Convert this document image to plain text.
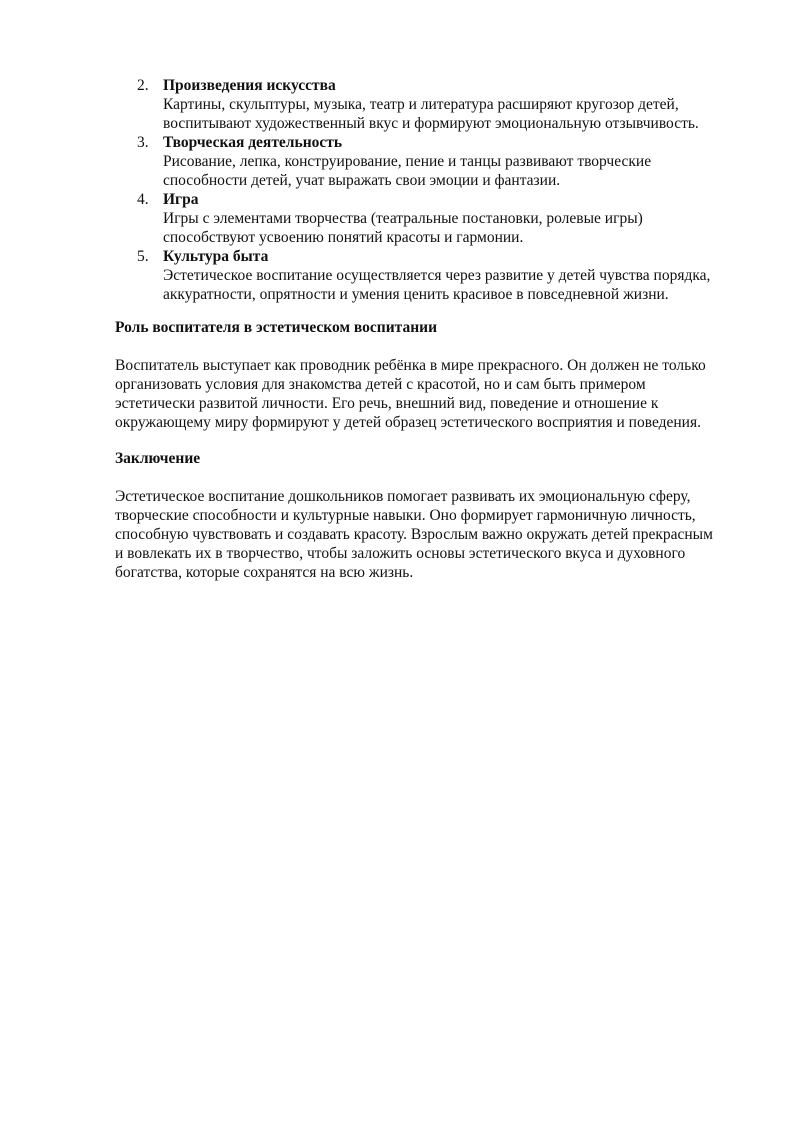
2. Произведения искусства
Картины, скульптуры, музыка, театр и литература расширяют кругозор детей,
воспитывают художественный вкус и формируют эмоциональную отзывчивость.
3. Творческая деятельность
Рисование, лепка, конструирование, пение и танцы развивают творческие
способности детей, учат выражать свои эмоции и фантазии.
4. Игра
Игры с элементами творчества (театральные постановки, ролевые игры)
способствуют усвоению понятий красоты и гармонии.
5. Культура быта
Эстетическое воспитание осуществляется через развитие у детей чувства порядка,
аккуратности, опрятности и умения ценить красивое в повседневной жизни.

Роль воспитателя в эстетическом воспитании

Воспитатель выступает как проводник ребёнка в мире прекрасного. Он должен не только
организовать условия для знакомства детей с красотой, но и сам быть примером
эстетически развитой личности. Его речь, внешний вид, поведение и отношение к
окружающему миру формируют у детей образец эстетического восприятия и поведения.

Заключение

Эстетическое воспитание дошкольников помогает развивать их эмоциональную сферу,
творческие способности и культурные навыки. Оно формирует гармоничную личность,
способную чувствовать и создавать красоту. Взрослым важно окружать детей прекрасным
и вовлекать их в творчество, чтобы заложить основы эстетического вкуса и духовного
богатства, которые сохранятся на всю жизнь.
